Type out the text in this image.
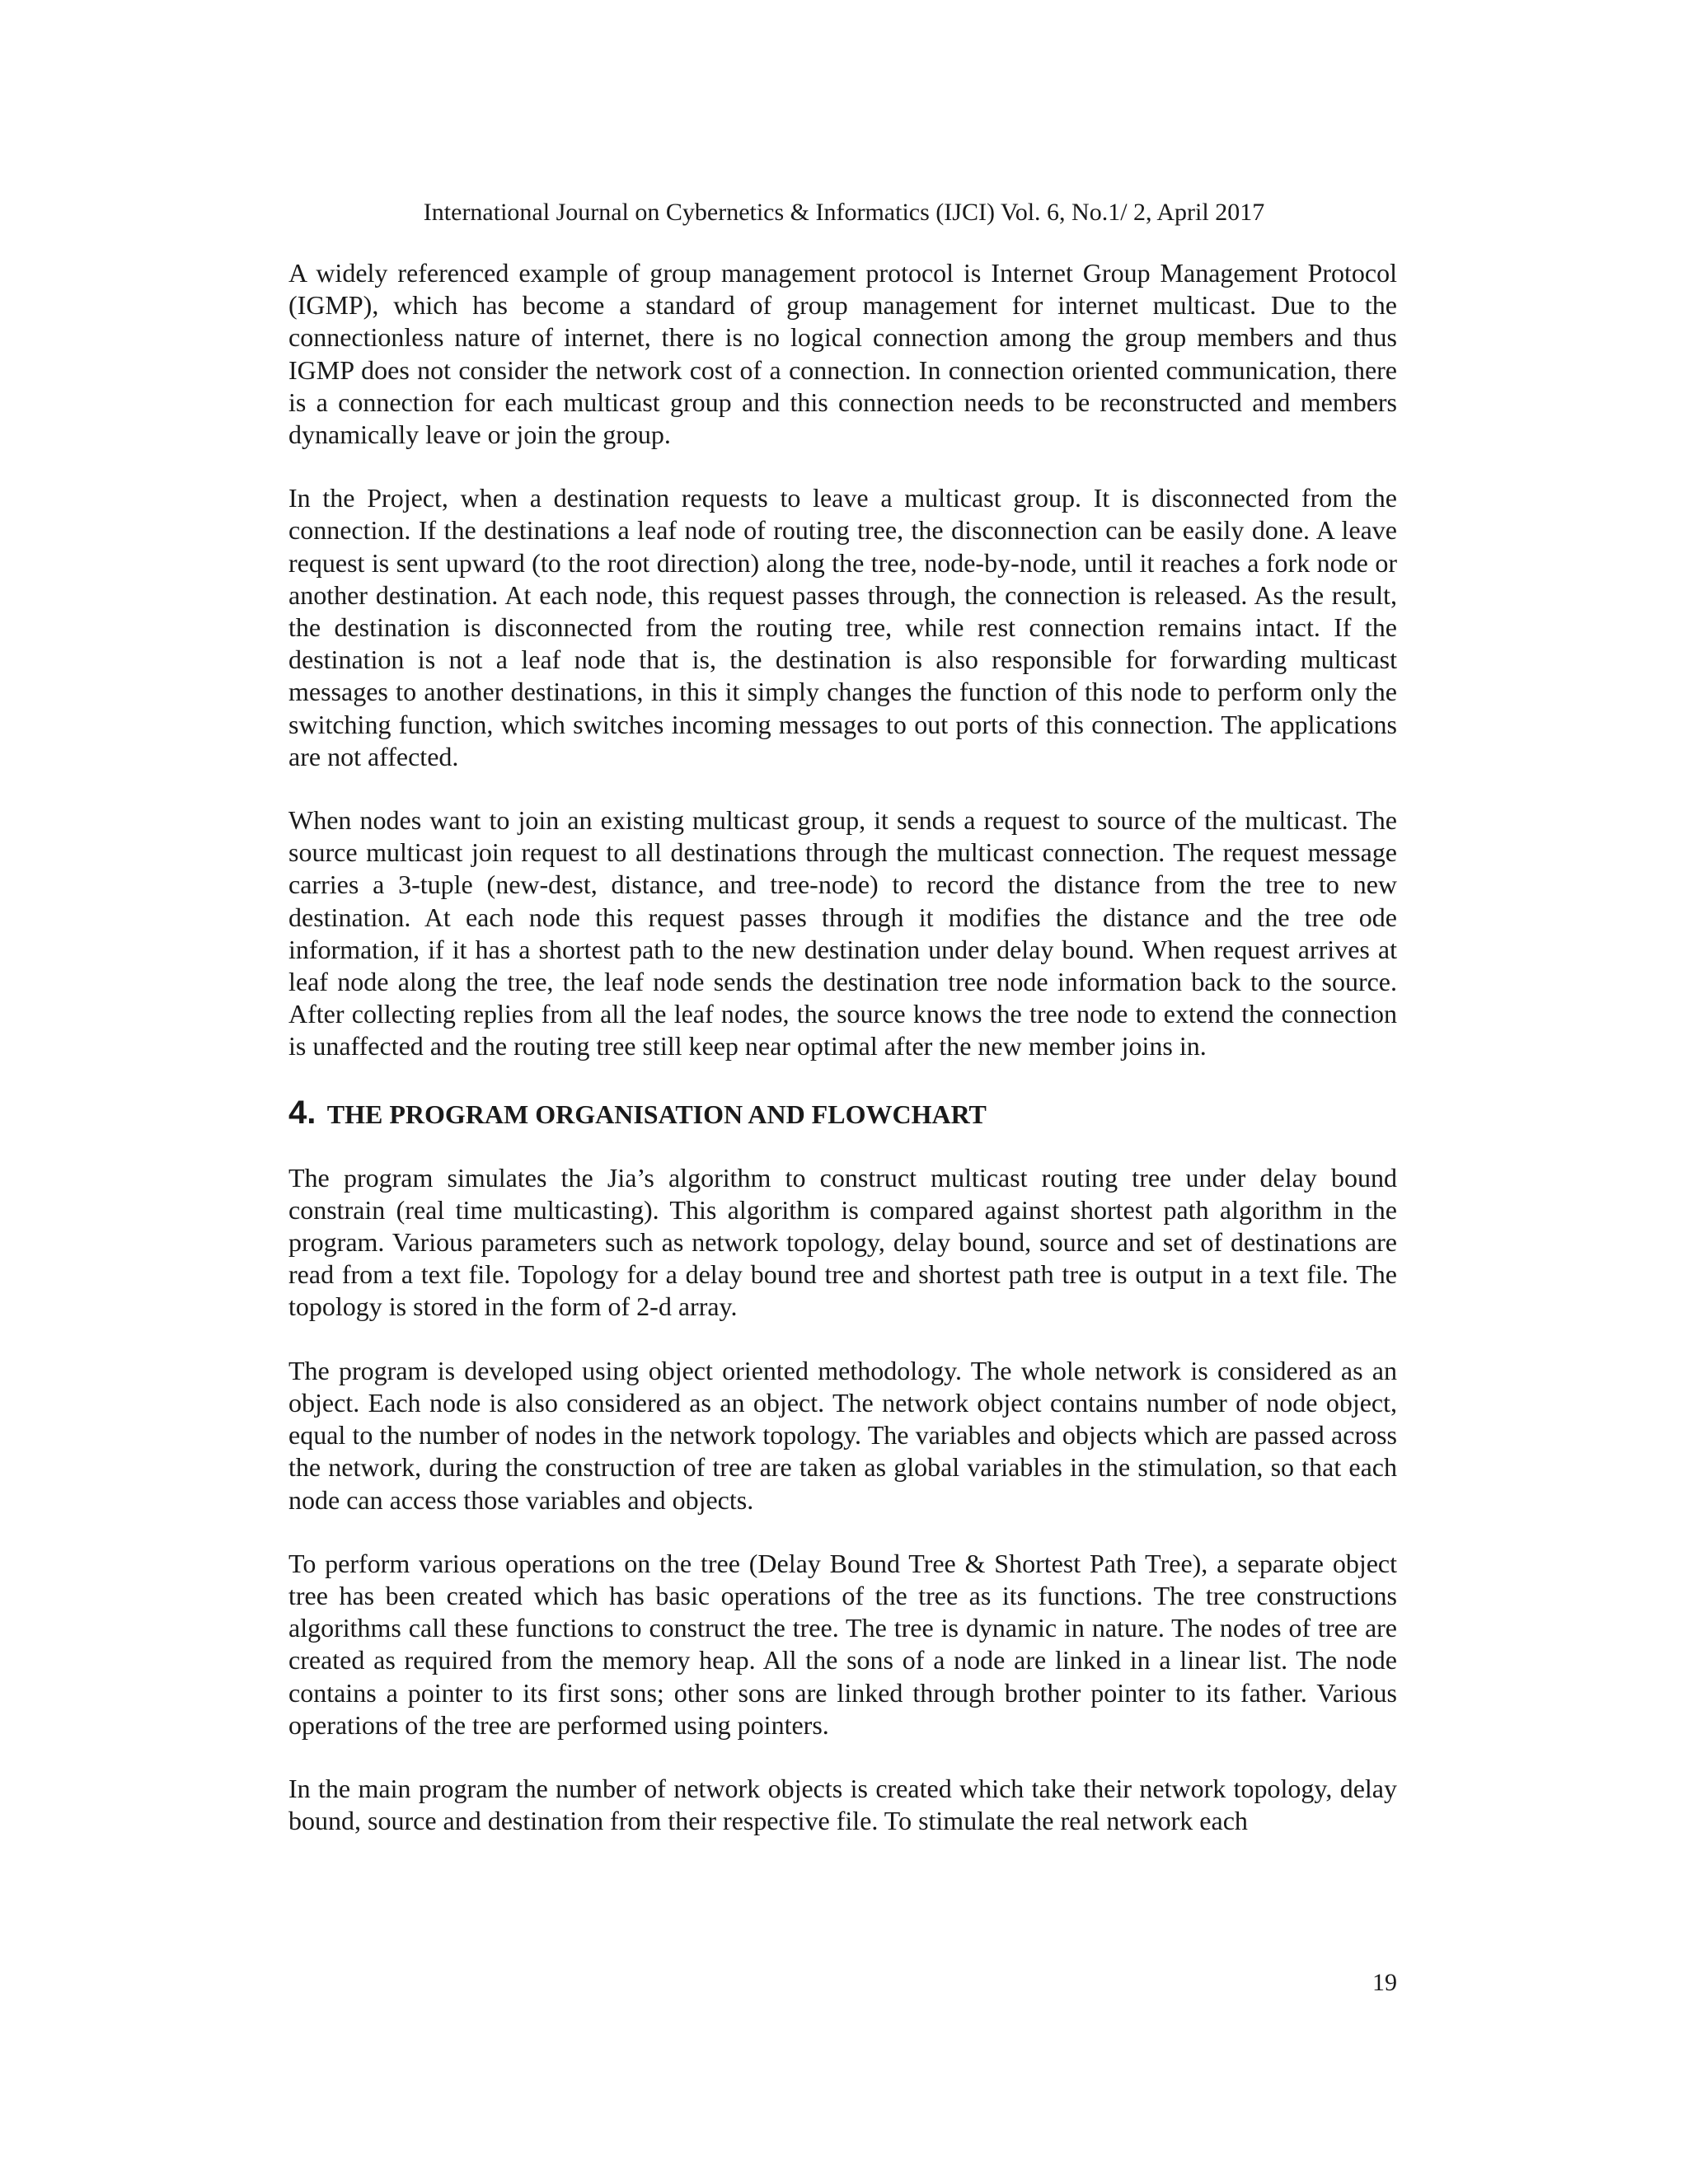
International Journal on Cybernetics & Informatics (IJCI) Vol. 6, No.1/ 2, April 2017

A widely referenced example of group management protocol is Internet Group Management Protocol (IGMP), which has become a standard of group management for internet multicast. Due to the connectionless nature of internet, there is no logical connection among the group members and thus IGMP does not consider the network cost of a connection. In connection oriented communication, there is a connection for each multicast group and this connection needs to be reconstructed and members dynamically leave or join the group.

In the Project, when a destination requests to leave a multicast group. It is disconnected from the connection. If the destinations a leaf node of routing tree, the disconnection can be easily done. A leave request is sent upward (to the root direction) along the tree, node-by-node, until it reaches a fork node or another destination. At each node, this request passes through, the connection is released. As the result, the destination is disconnected from the routing tree, while rest connection remains intact. If the destination is not a leaf node that is, the destination is also responsible for forwarding multicast messages to another destinations, in this it simply changes the function of this node to perform only the switching function, which switches incoming messages to out ports of this connection. The applications are not affected.

When nodes want to join an existing multicast group, it sends a request to source of the multicast. The source multicast join request to all destinations through the multicast connection. The request message carries a 3-tuple (new-dest, distance, and tree-node) to record the distance from the tree to new destination. At each node this request passes through it modifies the distance and the tree ode information, if it has a shortest path to the new destination under delay bound. When request arrives at leaf node along the tree, the leaf node sends the destination tree node information back to the source. After collecting replies from all the leaf nodes, the source knows the tree node to extend the connection is unaffected and the routing tree still keep near optimal after the new member joins in.

4. THE PROGRAM ORGANISATION AND FLOWCHART

The program simulates the Jia’s algorithm to construct multicast routing tree under delay bound constrain (real time multicasting). This algorithm is compared against shortest path algorithm in the program. Various parameters such as network topology, delay bound, source and set of destinations are read from a text file. Topology for a delay bound tree and shortest path tree is output in a text file. The topology is stored in the form of 2-d array.

The program is developed using object oriented methodology. The whole network is considered as an object. Each node is also considered as an object. The network object contains number of node object, equal to the number of nodes in the network topology. The variables and objects which are passed across the network, during the construction of tree are taken as global variables in the stimulation, so that each node can access those variables and objects.

To perform various operations on the tree (Delay Bound Tree & Shortest Path Tree), a separate object tree has been created which has basic operations of the tree as its functions. The tree constructions algorithms call these functions to construct the tree. The tree is dynamic in nature. The nodes of tree are created as required from the memory heap. All the sons of a node are linked in a linear list. The node contains a pointer to its first sons; other sons are linked through brother pointer to its father. Various operations of the tree are performed using pointers.

In the main program the number of network objects is created which take their network topology, delay bound, source and destination from their respective file. To stimulate the real network each

19
